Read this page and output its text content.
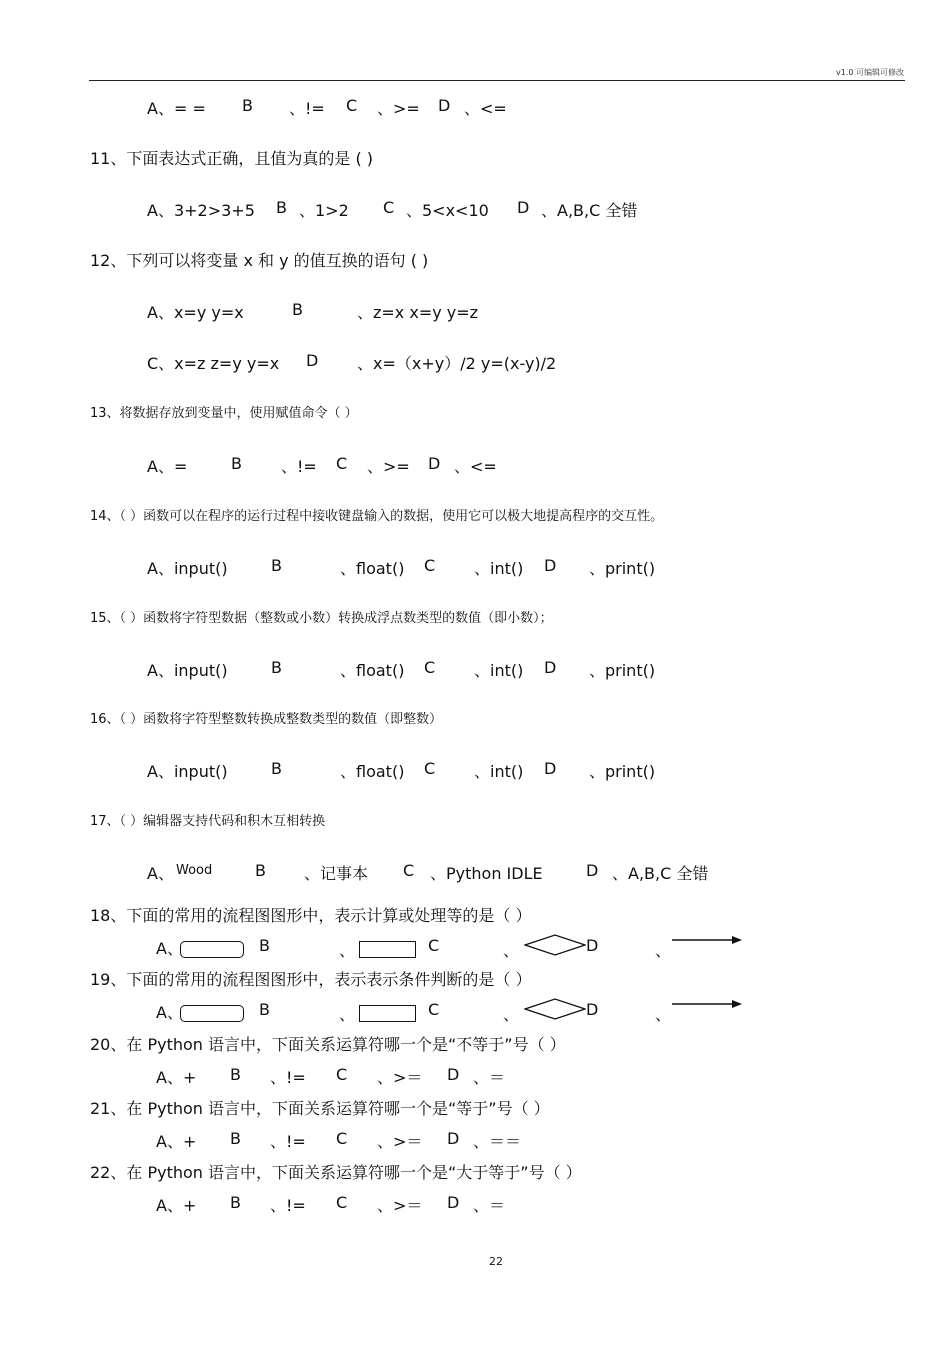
v1.0 可编辑可修改
A、= = B 、!= C 、>= D 、<=
11、下面表达式正确，且值为真的是 ( )
A、3+2>3+5 B 、1>2 C 、5<x<10 D 、A,B,C 全错
12、下列可以将变量 x 和 y 的值互换的语句 ( )
A、x=y y=x	B	、z=x x=y y=z
C、x=z z=y y=x D 、x=（x+y）/2 y=(x-y)/2
13、将数据存放到变量中，使用赋值命令（ ）
A、=	B 、!= C 、>= D 、<=
14、（ ）函数可以在程序的运行过程中接收键盘输入的数据，使用它可以极大地提高程序的交互性。
A、input()	B	、float() C 、int() D 、print()
15、（ ）函数将字符型数据（整数或小数）转换成浮点数类型的数值（即小数）；
A、input()	B	、float() C 、int() D 、print()
16、（ ）函数将字符型整数转换成整数类型的数值（即整数）
A、input()	B	、float() C 、int() D 、print()
17、（ ）编辑器支持代码和积木互相转换
A、 Wood	B 、记事本 C 、Python IDLE	D 、A,B,C 全错
18、下面的常用的流程图图形中，表示计算或处理等的是（ ）
A、	B	、	C	、	D	、
19、下面的常用的流程图图形中，表示表示条件判断的是（ ）
A、	B	、	C	、	D	、
20、在 Python 语言中，下面关系运算符哪一个是“不等于”号（ ）
A、+ B 、!= C 、>＝ D 、＝
21、在 Python 语言中，下面关系运算符哪一个是“等于”号（ ）
A、+ B 、!= C 、>＝ D 、＝＝
22、在 Python 语言中，下面关系运算符哪一个是“大于等于”号（ ）
A、+ B 、!= C 、>＝ D 、＝
22
